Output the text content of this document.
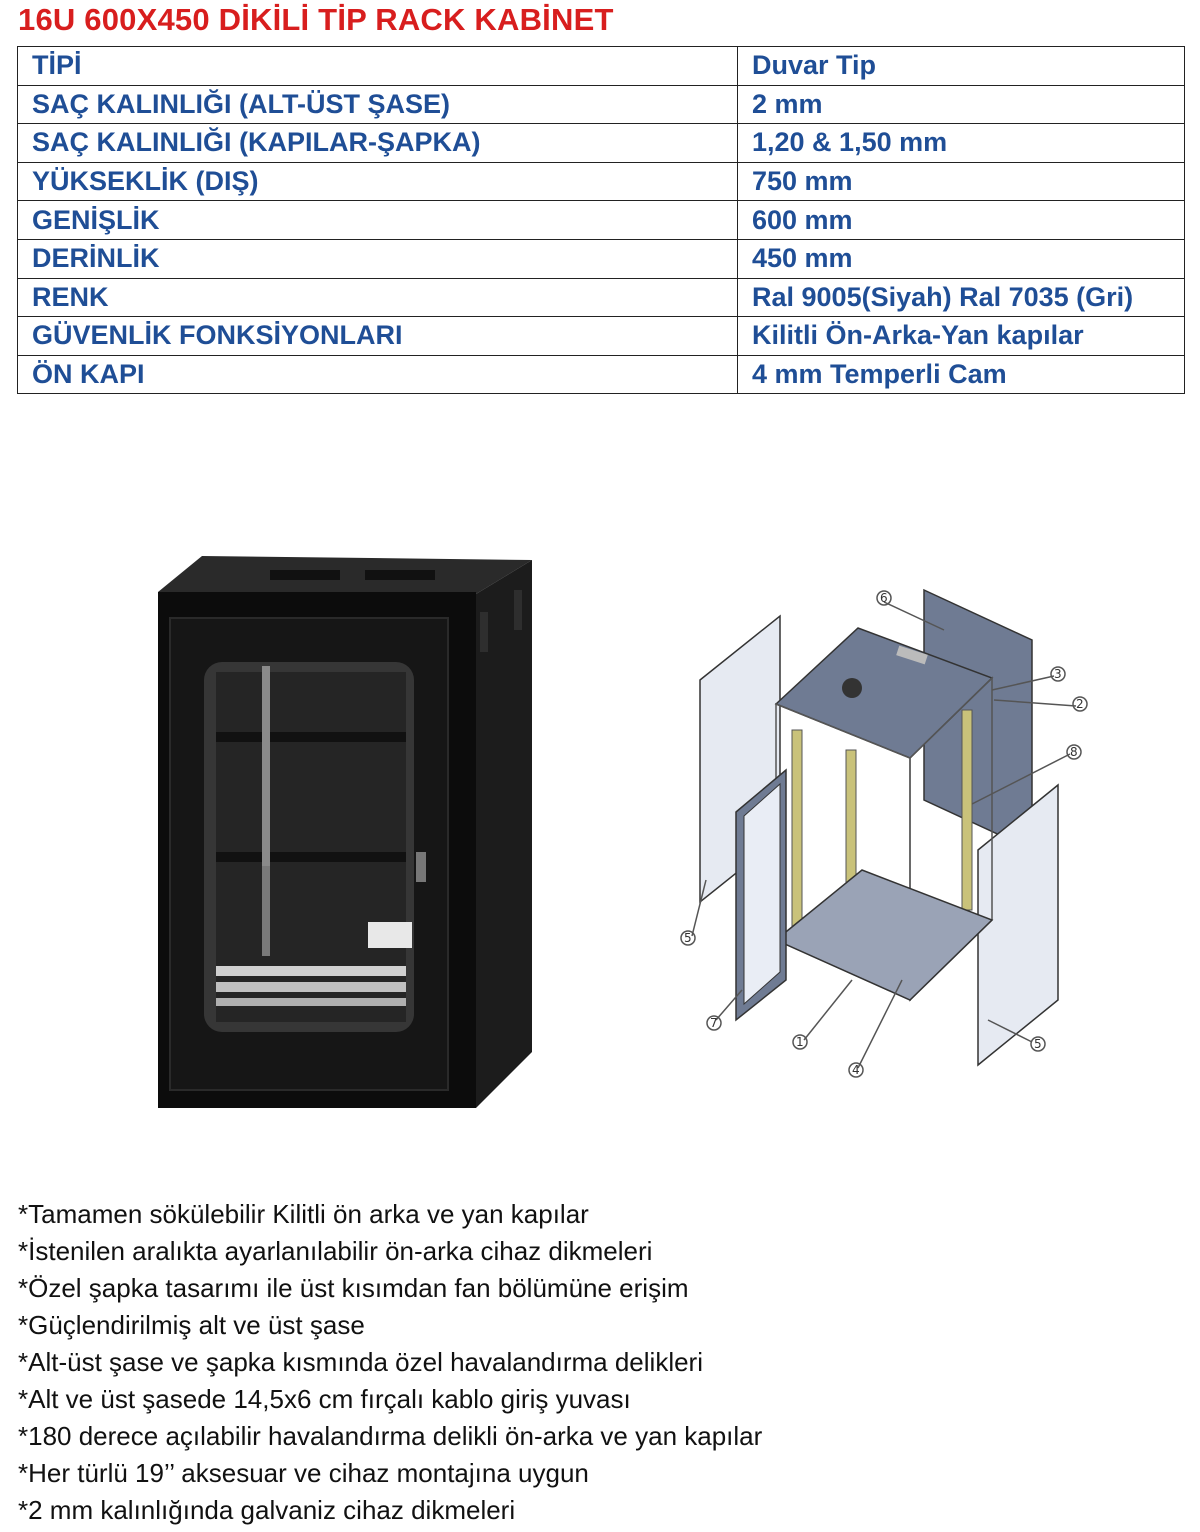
16U 600X450 DİKİLİ TİP RACK KABİNET
TİPİ	Duvar Tip
SAÇ KALINLIĞI (ALT-ÜST ŞASE)	2 mm
SAÇ KALINLIĞI (KAPILAR-ŞAPKA)	1,20 & 1,50 mm
YÜKSEKLİK (DIŞ)	750 mm
GENİŞLİK	600 mm
DERİNLİK	450 mm
RENK	Ral 9005(Siyah) Ral 7035 (Gri)
GÜVENLİK FONKSİYONLARI	Kilitli Ön-Arka-Yan kapılar
ÖN KAPI	4 mm Temperli Cam
6
3
2
8
5
7
1
4
5
*Tamamen sökülebilir Kilitli ön arka ve yan kapılar
*İstenilen aralıkta ayarlanılabilir ön-arka cihaz dikmeleri
*Özel şapka tasarımı ile üst kısımdan fan bölümüne erişim
*Güçlendirilmiş alt ve üst şase
*Alt-üst şase ve şapka kısmında özel havalandırma delikleri
*Alt ve üst şasede 14,5x6 cm fırçalı kablo giriş yuvası
*180 derece açılabilir havalandırma delikli ön-arka ve yan kapılar
*Her türlü 19’’ aksesuar ve cihaz montajına uygun
*2 mm kalınlığında galvaniz cihaz dikmeleri
